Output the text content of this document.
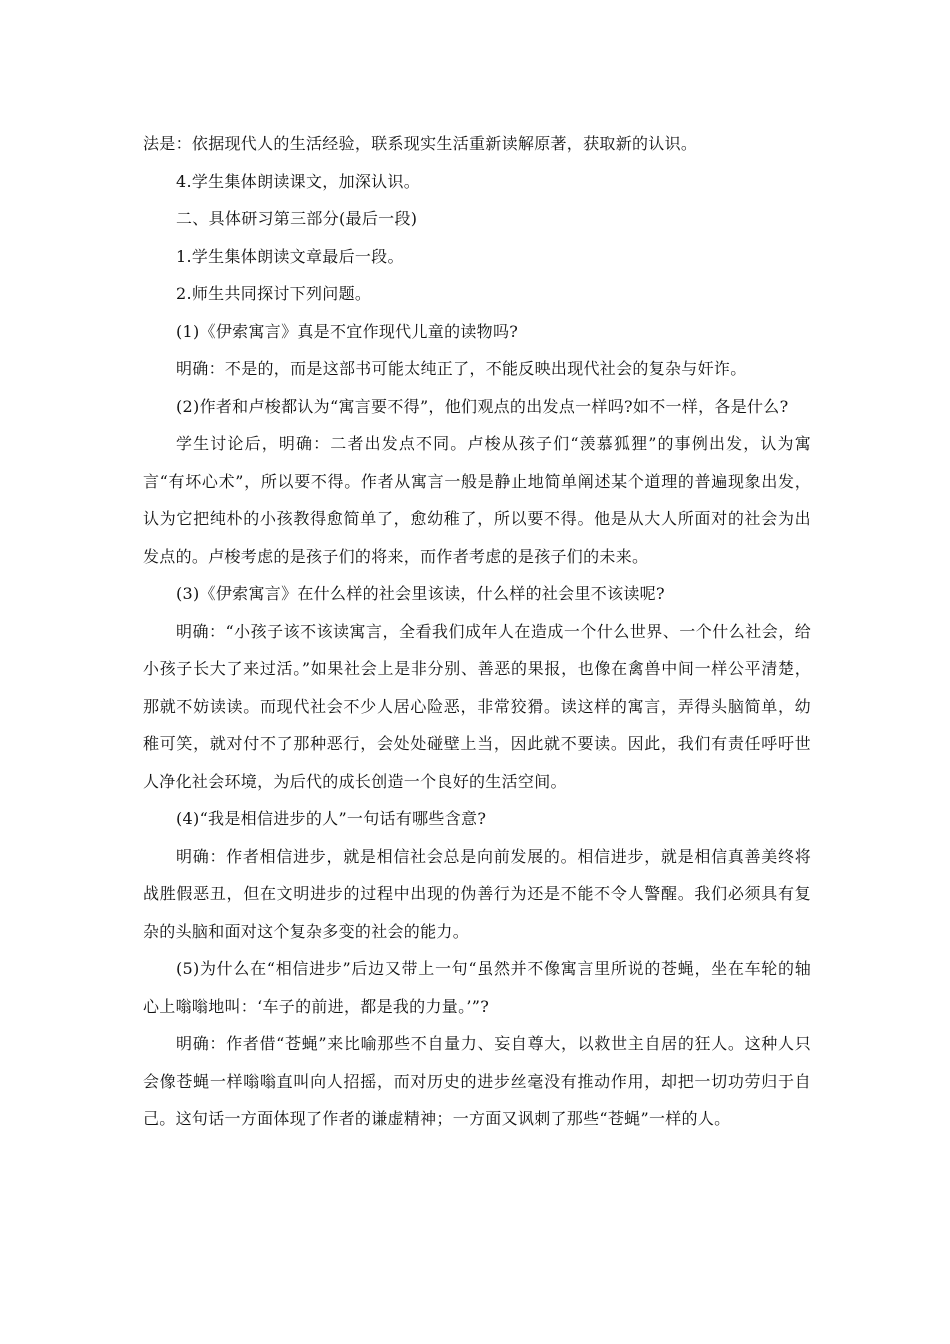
法是：依据现代人的生活经验，联系现实生活重新读解原著，获取新的认识。

4.学生集体朗读课文，加深认识。

二、具体研习第三部分(最后一段)

1.学生集体朗读文章最后一段。

2.师生共同探讨下列问题。

(1)《伊索寓言》真是不宜作现代儿童的读物吗?

明确：不是的，而是这部书可能太纯正了，不能反映出现代社会的复杂与奸诈。

(2)作者和卢梭都认为“寓言要不得”，他们观点的出发点一样吗?如不一样，各是什么?

学生讨论后，明确：二者出发点不同。卢梭从孩子们“羡慕狐狸”的事例出发，认为寓言“有坏心术”，所以要不得。作者从寓言一般是静止地简单阐述某个道理的普遍现象出发，认为它把纯朴的小孩教得愈简单了，愈幼稚了，所以要不得。他是从大人所面对的社会为出发点的。卢梭考虑的是孩子们的将来，而作者考虑的是孩子们的未来。

(3)《伊索寓言》在什么样的社会里该读，什么样的社会里不该读呢?

明确：“小孩子该不该读寓言，全看我们成年人在造成一个什么世界、一个什么社会，给小孩子长大了来过活。”如果社会上是非分别、善恶的果报，也像在禽兽中间一样公平清楚，那就不妨读读。而现代社会不少人居心险恶，非常狡猾。读这样的寓言，弄得头脑简单，幼稚可笑，就对付不了那种恶行，会处处碰壁上当，因此就不要读。因此，我们有责任呼吁世人净化社会环境，为后代的成长创造一个良好的生活空间。

(4)“我是相信进步的人”一句话有哪些含意?

明确：作者相信进步，就是相信社会总是向前发展的。相信进步，就是相信真善美终将战胜假恶丑，但在文明进步的过程中出现的伪善行为还是不能不令人警醒。我们必须具有复杂的头脑和面对这个复杂多变的社会的能力。

(5)为什么在“相信进步”后边又带上一句“虽然并不像寓言里所说的苍蝇，坐在车轮的轴心上嗡嗡地叫：‘车子的前进，都是我的力量。’”?

明确：作者借“苍蝇”来比喻那些不自量力、妄自尊大，以救世主自居的狂人。这种人只会像苍蝇一样嗡嗡直叫向人招摇，而对历史的进步丝毫没有推动作用，却把一切功劳归于自己。这句话一方面体现了作者的谦虚精神；一方面又讽刺了那些“苍蝇”一样的人。
